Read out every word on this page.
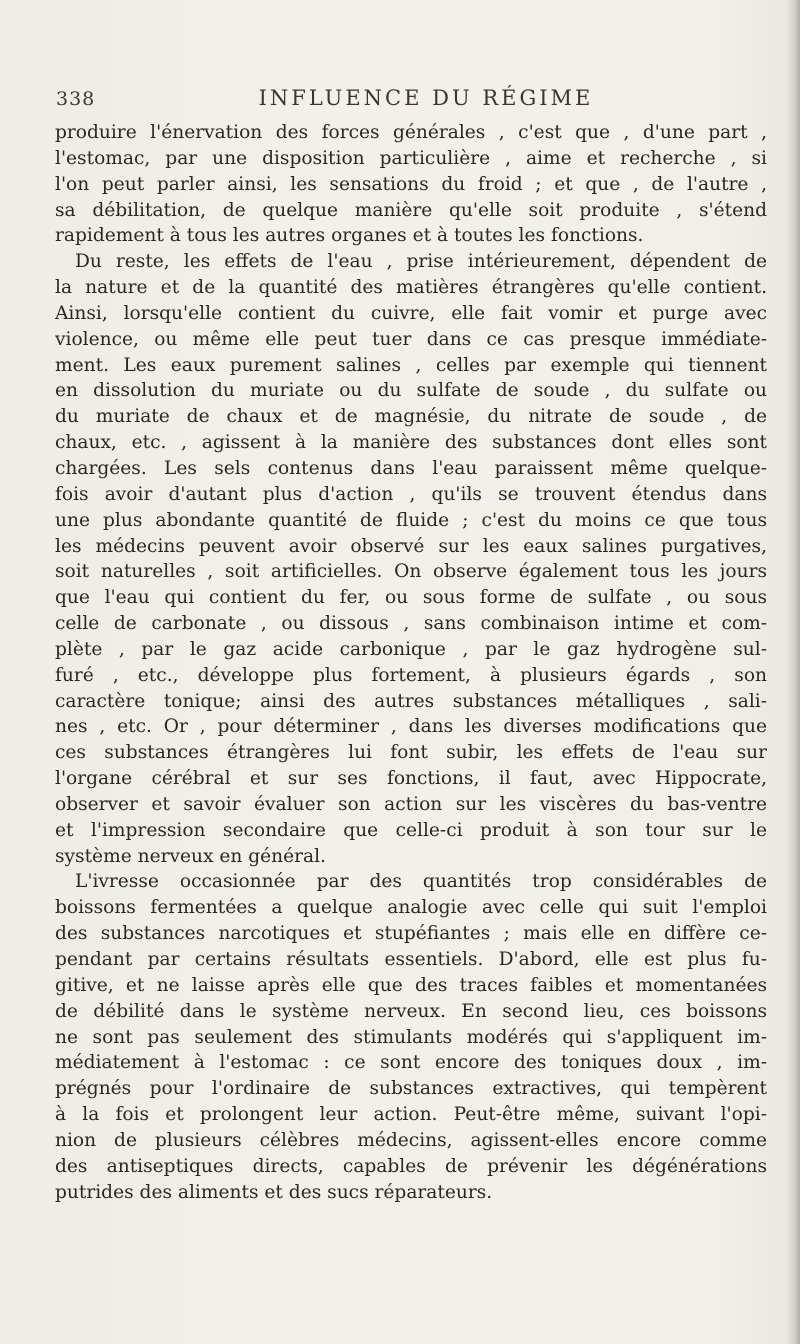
338	INFLUENCE DU RÉGIME
produire l'énervation des forces générales , c'est que , d'une part ,
l'estomac, par une disposition particulière , aime et recherche , si
l'on peut parler ainsi, les sensations du froid ; et que , de l'autre ,
sa débilitation, de quelque manière qu'elle soit produite , s'étend
rapidement à tous les autres organes et à toutes les fonctions.
Du reste, les effets de l'eau , prise intérieurement, dépendent de
la nature et de la quantité des matières étrangères qu'elle contient.
Ainsi, lorsqu'elle contient du cuivre, elle fait vomir et purge avec
violence, ou même elle peut tuer dans ce cas presque immédiate-
ment. Les eaux purement salines , celles par exemple qui tiennent
en dissolution du muriate ou du sulfate de soude , du sulfate ou
du muriate de chaux et de magnésie, du nitrate de soude , de
chaux, etc. , agissent à la manière des substances dont elles sont
chargées. Les sels contenus dans l'eau paraissent même quelque-
fois avoir d'autant plus d'action , qu'ils se trouvent étendus dans
une plus abondante quantité de fluide ; c'est du moins ce que tous
les médecins peuvent avoir observé sur les eaux salines purgatives,
soit naturelles , soit artificielles. On observe également tous les jours
que l'eau qui contient du fer, ou sous forme de sulfate , ou sous
celle de carbonate , ou dissous , sans combinaison intime et com-
plète , par le gaz acide carbonique , par le gaz hydrogène sul-
furé , etc., développe plus fortement, à plusieurs égards , son
caractère tonique; ainsi des autres substances métalliques , sali-
nes , etc. Or , pour déterminer , dans les diverses modifications que
ces substances étrangères lui font subir, les effets de l'eau sur
l'organe cérébral et sur ses fonctions, il faut, avec Hippocrate,
observer et savoir évaluer son action sur les viscères du bas-ventre
et l'impression secondaire que celle-ci produit à son tour sur le
système nerveux en général.
L'ivresse occasionnée par des quantités trop considérables de
boissons fermentées a quelque analogie avec celle qui suit l'emploi
des substances narcotiques et stupéfiantes ; mais elle en diffère ce-
pendant par certains résultats essentiels. D'abord, elle est plus fu-
gitive, et ne laisse après elle que des traces faibles et momentanées
de débilité dans le système nerveux. En second lieu, ces boissons
ne sont pas seulement des stimulants modérés qui s'appliquent im-
médiatement à l'estomac : ce sont encore des toniques doux , im-
prégnés pour l'ordinaire de substances extractives, qui tempèrent
à la fois et prolongent leur action. Peut-être même, suivant l'opi-
nion de plusieurs célèbres médecins, agissent-elles encore comme
des antiseptiques directs, capables de prévenir les dégénérations
putrides des aliments et des sucs réparateurs.
